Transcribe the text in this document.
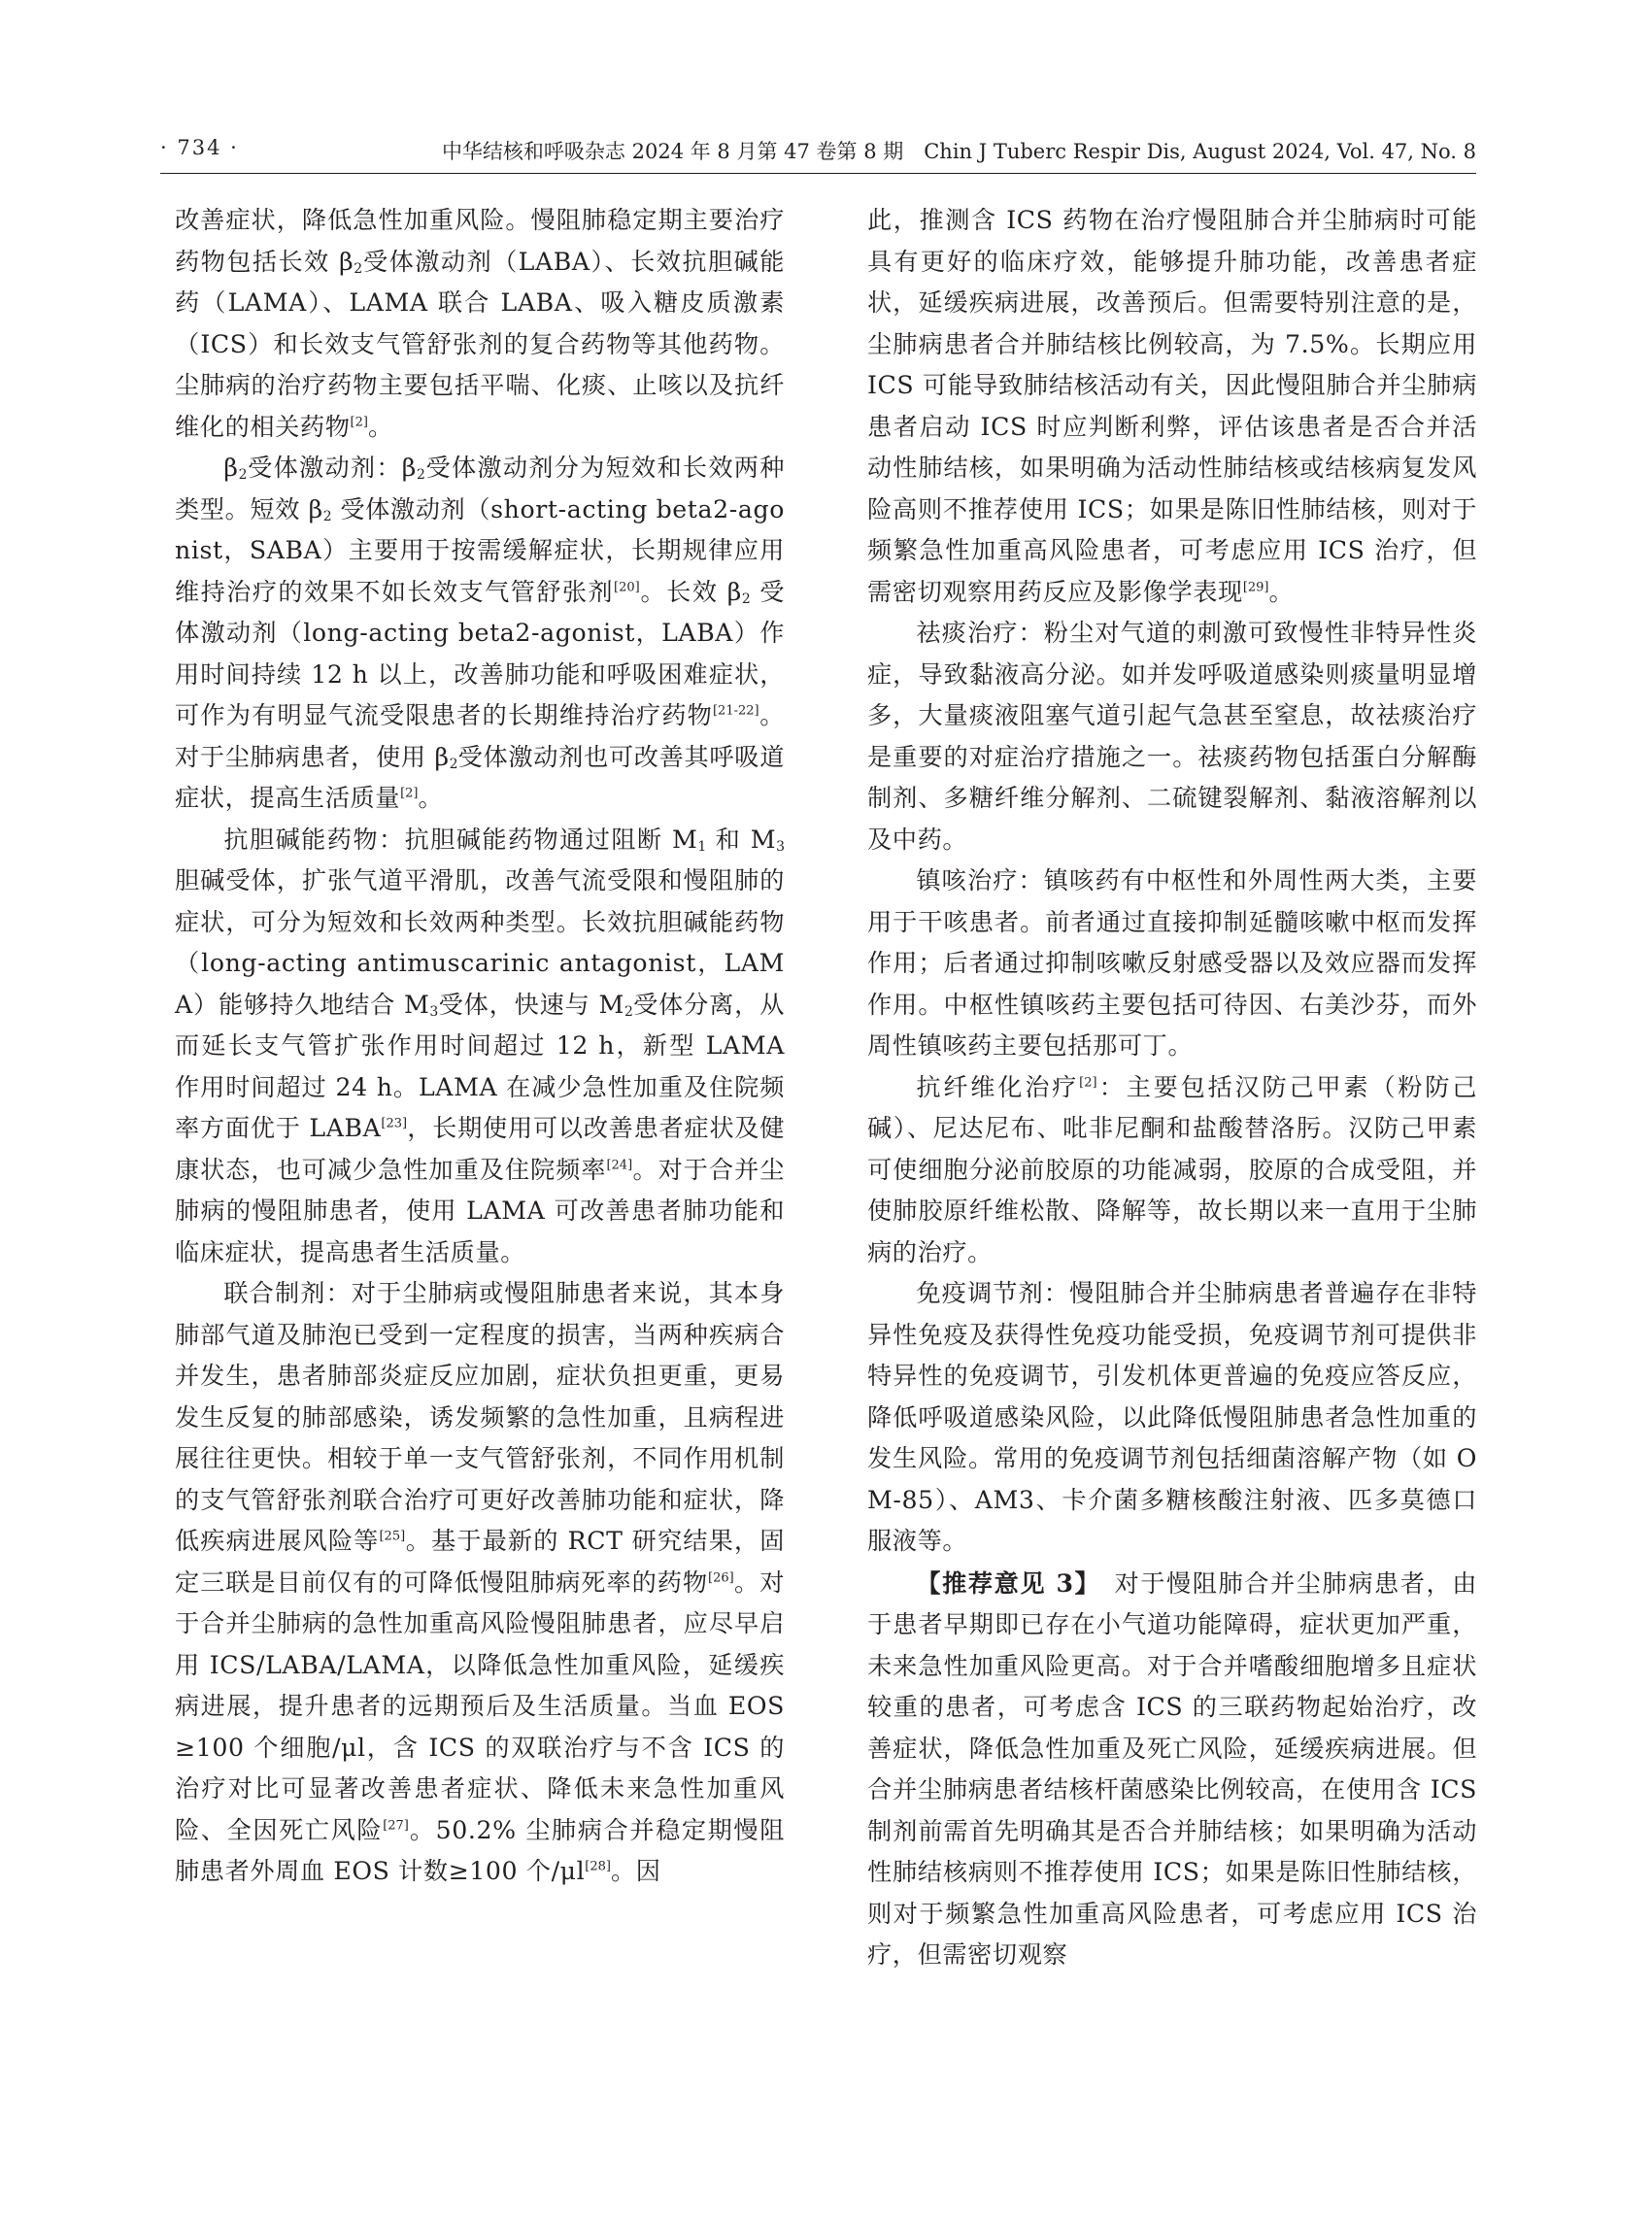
· 734 ·	中华结核和呼吸杂志 2024 年 8 月第 47 卷第 8 期　Chin J Tuberc Respir Dis, August 2024, Vol. 47, No. 8

改善症状，降低急性加重风险。慢阻肺稳定期主要治疗药物包括长效 $\beta_2$受体激动剂（LABA）、长效抗胆碱能药（LAMA）、LAMA 联合 LABA、吸入糖皮质激素（ICS）和长效支气管舒张剂的复合药物等其他药物。尘肺病的治疗药物主要包括平喘、化痰、止咳以及抗纤维化的相关药物[2]。

$\beta_2$受体激动剂：$\beta_2$受体激动剂分为短效和长效两种类型。短效 $\beta_2$ 受体激动剂（short-acting beta2-agonist，SABA）主要用于按需缓解症状，长期规律应用维持治疗的效果不如长效支气管舒张剂[20]。长效 $\beta_2$ 受体激动剂（long-acting beta2-agonist，LABA）作用时间持续 12 h 以上，改善肺功能和呼吸困难症状，可作为有明显气流受限患者的长期维持治疗药物[21-22]。对于尘肺病患者，使用 $\beta_2$受体激动剂也可改善其呼吸道症状，提高生活质量[2]。

抗胆碱能药物：抗胆碱能药物通过阻断 $M_1$ 和 $M_3$胆碱受体，扩张气道平滑肌，改善气流受限和慢阻肺的症状，可分为短效和长效两种类型。长效抗胆碱能药物（long-acting antimuscarinic antagonist，LAMA）能够持久地结合 $M_3$受体，快速与 $M_2$受体分离，从而延长支气管扩张作用时间超过 12 h，新型 LAMA 作用时间超过 24 h。LAMA 在减少急性加重及住院频率方面优于 LABA[23]，长期使用可以改善患者症状及健康状态，也可减少急性加重及住院频率[24]。对于合并尘肺病的慢阻肺患者，使用 LAMA 可改善患者肺功能和临床症状，提高患者生活质量。

联合制剂：对于尘肺病或慢阻肺患者来说，其本身肺部气道及肺泡已受到一定程度的损害，当两种疾病合并发生，患者肺部炎症反应加剧，症状负担更重，更易发生反复的肺部感染，诱发频繁的急性加重，且病程进展往往更快。相较于单一支气管舒张剂，不同作用机制的支气管舒张剂联合治疗可更好改善肺功能和症状，降低疾病进展风险等[25]。基于最新的 RCT 研究结果，固定三联是目前仅有的可降低慢阻肺病死率的药物[26]。对于合并尘肺病的急性加重高风险慢阻肺患者，应尽早启用 ICS/LABA/LAMA，以降低急性加重风险，延缓疾病进展，提升患者的远期预后及生活质量。当血 EOS≥100 个细胞/μl，含 ICS 的双联治疗与不含 ICS 的治疗对比可显著改善患者症状、降低未来急性加重风险、全因死亡风险[27]。50.2% 尘肺病合并稳定期慢阻肺患者外周血 EOS 计数≥100 个/μl[28]。因

此，推测含 ICS 药物在治疗慢阻肺合并尘肺病时可能具有更好的临床疗效，能够提升肺功能，改善患者症状，延缓疾病进展，改善预后。但需要特别注意的是，尘肺病患者合并肺结核比例较高，为 7.5%。长期应用 ICS 可能导致肺结核活动有关，因此慢阻肺合并尘肺病患者启动 ICS 时应判断利弊，评估该患者是否合并活动性肺结核，如果明确为活动性肺结核或结核病复发风险高则不推荐使用 ICS；如果是陈旧性肺结核，则对于频繁急性加重高风险患者，可考虑应用 ICS 治疗，但需密切观察用药反应及影像学表现[29]。

祛痰治疗：粉尘对气道的刺激可致慢性非特异性炎症，导致黏液高分泌。如并发呼吸道感染则痰量明显增多，大量痰液阻塞气道引起气急甚至窒息，故祛痰治疗是重要的对症治疗措施之一。祛痰药物包括蛋白分解酶制剂、多糖纤维分解剂、二硫键裂解剂、黏液溶解剂以及中药。

镇咳治疗：镇咳药有中枢性和外周性两大类，主要用于干咳患者。前者通过直接抑制延髓咳嗽中枢而发挥作用；后者通过抑制咳嗽反射感受器以及效应器而发挥作用。中枢性镇咳药主要包括可待因、右美沙芬，而外周性镇咳药主要包括那可丁。

抗纤维化治疗[2]：主要包括汉防己甲素（粉防己碱）、尼达尼布、吡非尼酮和盐酸替洛肟。汉防己甲素可使细胞分泌前胶原的功能减弱，胶原的合成受阻，并使肺胶原纤维松散、降解等，故长期以来一直用于尘肺病的治疗。

免疫调节剂：慢阻肺合并尘肺病患者普遍存在非特异性免疫及获得性免疫功能受损，免疫调节剂可提供非特异性的免疫调节，引发机体更普遍的免疫应答反应，降低呼吸道感染风险，以此降低慢阻肺患者急性加重的发生风险。常用的免疫调节剂包括细菌溶解产物（如 OM-85）、AM3、卡介菌多糖核酸注射液、匹多莫德口服液等。

【推荐意见 3】　对于慢阻肺合并尘肺病患者，由于患者早期即已存在小气道功能障碍，症状更加严重，未来急性加重风险更高。对于合并嗜酸细胞增多且症状较重的患者，可考虑含 ICS 的三联药物起始治疗，改善症状，降低急性加重及死亡风险，延缓疾病进展。但合并尘肺病患者结核杆菌感染比例较高，在使用含 ICS 制剂前需首先明确其是否合并肺结核；如果明确为活动性肺结核病则不推荐使用 ICS；如果是陈旧性肺结核，则对于频繁急性加重高风险患者，可考虑应用 ICS 治疗，但需密切观察
